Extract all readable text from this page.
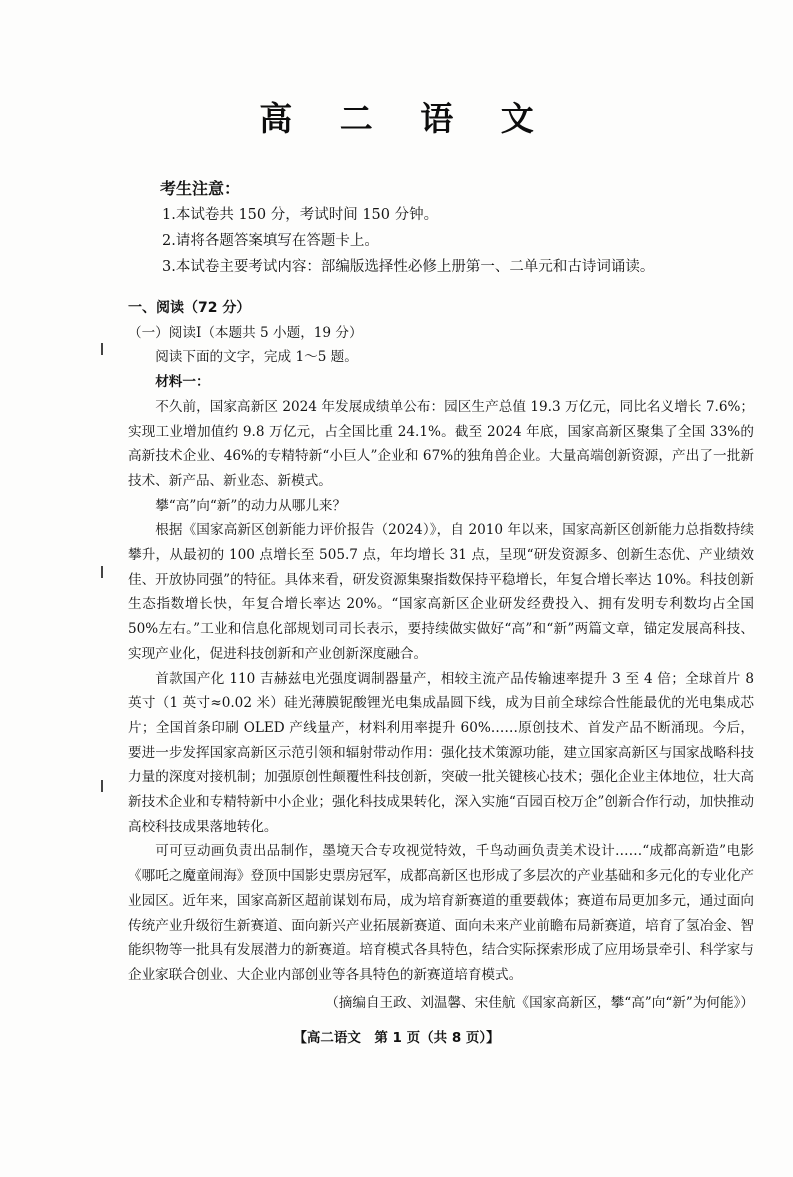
高 二 语 文
考生注意：
1.本试卷共 150 分，考试时间 150 分钟。
2.请将各题答案填写在答题卡上。
3.本试卷主要考试内容：部编版选择性必修上册第一、二单元和古诗词诵读。
一、阅读（72 分）
（一）阅读Ⅰ（本题共 5 小题，19 分）
阅读下面的文字，完成 1～5 题。
材料一：

不久前，国家高新区 2024 年发展成绩单公布：园区生产总值 19.3 万亿元，同比名义增长 7.6%；实现工业增加值约 9.8 万亿元，占全国比重 24.1%。截至 2024 年底，国家高新区聚集了全国 33%的高新技术企业、46%的专精特新“小巨人”企业和 67%的独角兽企业。大量高端创新资源，产出了一批新技术、新产品、新业态、新模式。

攀“高”向“新”的动力从哪儿来？

根据《国家高新区创新能力评价报告（2024）》，自 2010 年以来，国家高新区创新能力总指数持续攀升，从最初的 100 点增长至 505.7 点，年均增长 31 点，呈现“研发资源多、创新生态优、产业绩效佳、开放协同强”的特征。具体来看，研发资源集聚指数保持平稳增长，年复合增长率达 10%。科技创新生态指数增长快，年复合增长率达 20%。“国家高新区企业研发经费投入、拥有发明专利数均占全国 50%左右。”工业和信息化部规划司司长表示，要持续做实做好“高”和“新”两篇文章，锚定发展高科技、实现产业化，促进科技创新和产业创新深度融合。

首款国产化 110 吉赫兹电光强度调制器量产，相较主流产品传输速率提升 3 至 4 倍；全球首片 8 英寸（1 英寸≈0.02 米）硅光薄膜铌酸锂光电集成晶圆下线，成为目前全球综合性能最优的光电集成芯片；全国首条印刷 OLED 产线量产，材料利用率提升 60%……原创技术、首发产品不断涌现。今后，要进一步发挥国家高新区示范引领和辐射带动作用：强化技术策源功能，建立国家高新区与国家战略科技力量的深度对接机制；加强原创性颠覆性科技创新，突破一批关键核心技术；强化企业主体地位，壮大高新技术企业和专精特新中小企业；强化科技成果转化，深入实施“百园百校万企”创新合作行动，加快推动高校科技成果落地转化。

可可豆动画负责出品制作，墨境天合专攻视觉特效，千鸟动画负责美术设计……“成都高新造”电影《哪吒之魔童闹海》登顶中国影史票房冠军，成都高新区也形成了多层次的产业基础和多元化的专业化产业园区。近年来，国家高新区超前谋划布局，成为培育新赛道的重要载体；赛道布局更加多元，通过面向传统产业升级衍生新赛道、面向新兴产业拓展新赛道、面向未来产业前瞻布局新赛道，培育了氢冶金、智能织物等一批具有发展潜力的新赛道。培育模式各具特色，结合实际探索形成了应用场景牵引、科学家与企业家联合创业、大企业内部创业等各具特色的新赛道培育模式。

（摘编自王政、刘温馨、宋佳航《国家高新区，攀“高”向“新”为何能》）
【高二语文　第 1 页（共 8 页）】
